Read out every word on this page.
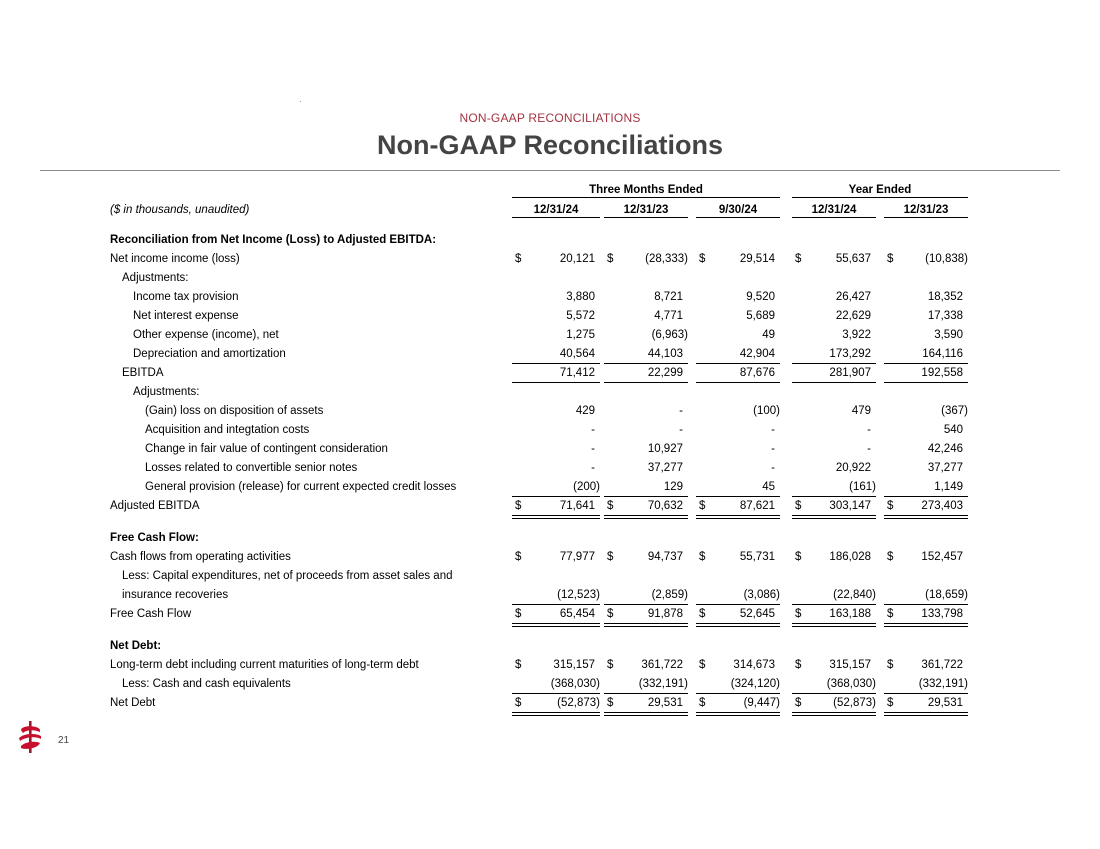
NON-GAAP RECONCILIATIONS
Non-GAAP Reconciliations
Three Months Ended	Year Ended
($ in thousands, unaudited)	12/31/24	12/31/23	9/30/24	12/31/24	12/31/23
Reconciliation from Net Income (Loss) to Adjusted EBITDA:
Net income income (loss)	$	20,121 $	(28,333) $	29,514 $	55,637 $	(10,838)
Adjustments:
Income tax provision	3,880	8,721	9,520	26,427	18,352
Net interest expense	5,572	4,771	5,689	22,629	17,338
Other expense (income), net	1,275	(6,963)	49	3,922	3,590
Depreciation and amortization	40,564	44,103	42,904	173,292	164,116
EBITDA	71,412	22,299	87,676	281,907	192,558
Adjustments:
(Gain) loss on disposition of assets	429	-	(100)	479	(367)
Acquisition and integtation costs	-	-	-	-	540
Change in fair value of contingent consideration	-	10,927	-	-	42,246
Losses related to convertible senior notes	-	37,277	-	20,922	37,277
General provision (release) for current expected credit losses	(200)	129	45	(161)	1,149
Adjusted EBITDA	$	71,641 $	70,632 $	87,621 $ 303,147 $ 273,403
Free Cash Flow:
Cash flows from operating activities	$	77,977 $	94,737 $	55,731 $ 186,028 $ 152,457
Less: Capital expenditures, net of proceeds from asset sales and
insurance recoveries	(12,523)	(2,859)	(3,086)	(22,840)	(18,659)
Free Cash Flow	$	65,454 $	91,878 $	52,645 $ 163,188 $ 133,798
Net Debt:
Long-term debt including current maturities of long-term debt	$	315,157 $ 361,722 $ 314,673 $ 315,157 $ 361,722
Less: Cash and cash equivalents	(368,030)	(332,191)	(324,120)	(368,030)	(332,191)
Net Debt	$	(52,873) $	29,531 $	(9,447) $	(52,873) $	29,531
21
